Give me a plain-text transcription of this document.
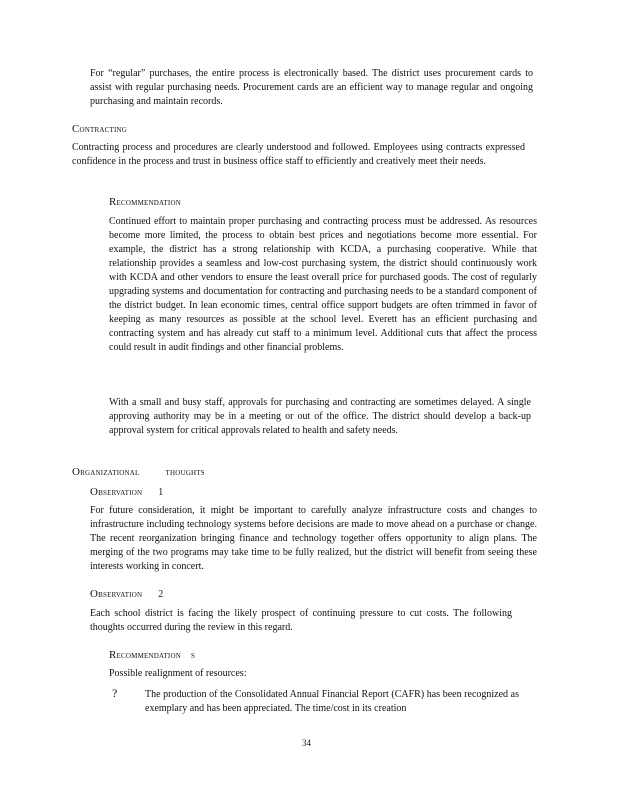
For “regular” purchases, the entire process is electronically based. The district uses procurement cards to assist with regular purchasing needs. Procurement cards are an efficient way to manage regular and ongoing purchasing and maintain records.

CONTRACTING

Contracting process and procedures are clearly understood and followed. Employees using contracts expressed confidence in the process and trust in business office staff to efficiently and creatively meet their needs.

RECOMMENDATION

Continued effort to maintain proper purchasing and contracting process must be addressed. As resources become more limited, the process to obtain best prices and negotiations become more essential. For example, the district has a strong relationship with KCDA, a purchasing cooperative. While that relationship provides a seamless and low-cost purchasing system, the district should continuously work with KCDA and other vendors to ensure the least overall price for purchased goods. The cost of regularly upgrading systems and documentation for contracting and purchasing needs to be a standard component of the district budget. In lean economic times, central office support budgets are often trimmed in favor of keeping as many resources as possible at the school level. Everett has an efficient purchasing and contracting system and has already cut staff to a minimum level. Additional cuts that affect the process could result in audit findings and other financial problems.

With a small and busy staff, approvals for purchasing and contracting are sometimes delayed. A single approving authority may be in a meeting or out of the office. The district should develop a back-up approval system for critical approvals related to health and safety needs.

ORGANIZATIONAL	THOUGHTS
OBSERVATION 1

For future consideration, it might be important to carefully analyze infrastructure costs and changes to infrastructure including technology systems before decisions are made to move ahead on a purchase or change. The recent reorganization bringing finance and technology together offers opportunity to align plans. The merging of the two programs may take time to be fully realized, but the district will benefit from seeing these interests working in concert.

OBSERVATION 2

Each school district is facing the likely prospect of continuing pressure to cut costs. The following thoughts occurred during the review in this regard.

RECOMMENDATION S

Possible realignment of resources:

?	The production of the Consolidated Annual Financial Report (CAFR) has been recognized as exemplary and has been appreciated. The time/cost in its creation

34
